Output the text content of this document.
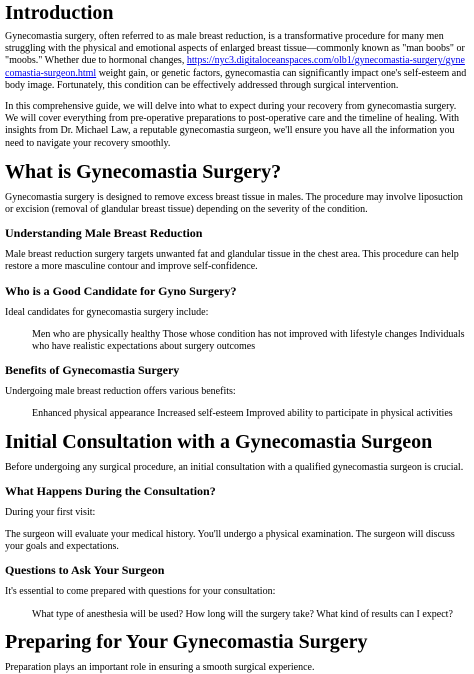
Introduction

Gynecomastia surgery, often referred to as male breast reduction, is a transformative procedure for many men struggling with the physical and emotional aspects of enlarged breast tissue—commonly known as "man boobs" or "moobs." Whether due to hormonal changes, https://nyc3.digitaloceanspaces.com/olb1/gynecomastia-surgery/gynecomastia-surgeon.html weight gain, or genetic factors, gynecomastia can significantly impact one's self-esteem and body image. Fortunately, this condition can be effectively addressed through surgical intervention.

In this comprehensive guide, we will delve into what to expect during your recovery from gynecomastia surgery. We will cover everything from pre-operative preparations to post-operative care and the timeline of healing. With insights from Dr. Michael Law, a reputable gynecomastia surgeon, we'll ensure you have all the information you need to navigate your recovery smoothly.

What is Gynecomastia Surgery?

Gynecomastia surgery is designed to remove excess breast tissue in males. The procedure may involve liposuction or excision (removal of glandular breast tissue) depending on the severity of the condition.

Understanding Male Breast Reduction

Male breast reduction surgery targets unwanted fat and glandular tissue in the chest area. This procedure can help restore a more masculine contour and improve self-confidence.

Who is a Good Candidate for Gyno Surgery?

Ideal candidates for gynecomastia surgery include:

Men who are physically healthy Those whose condition has not improved with lifestyle changes Individuals who have realistic expectations about surgery outcomes

Benefits of Gynecomastia Surgery

Undergoing male breast reduction offers various benefits:

Enhanced physical appearance Increased self-esteem Improved ability to participate in physical activities

Initial Consultation with a Gynecomastia Surgeon

Before undergoing any surgical procedure, an initial consultation with a qualified gynecomastia surgeon is crucial.

What Happens During the Consultation?

During your first visit:

The surgeon will evaluate your medical history. You'll undergo a physical examination. The surgeon will discuss your goals and expectations.

Questions to Ask Your Surgeon

It's essential to come prepared with questions for your consultation:

What type of anesthesia will be used? How long will the surgery take? What kind of results can I expect?

Preparing for Your Gynecomastia Surgery

Preparation plays an important role in ensuring a smooth surgical experience.
